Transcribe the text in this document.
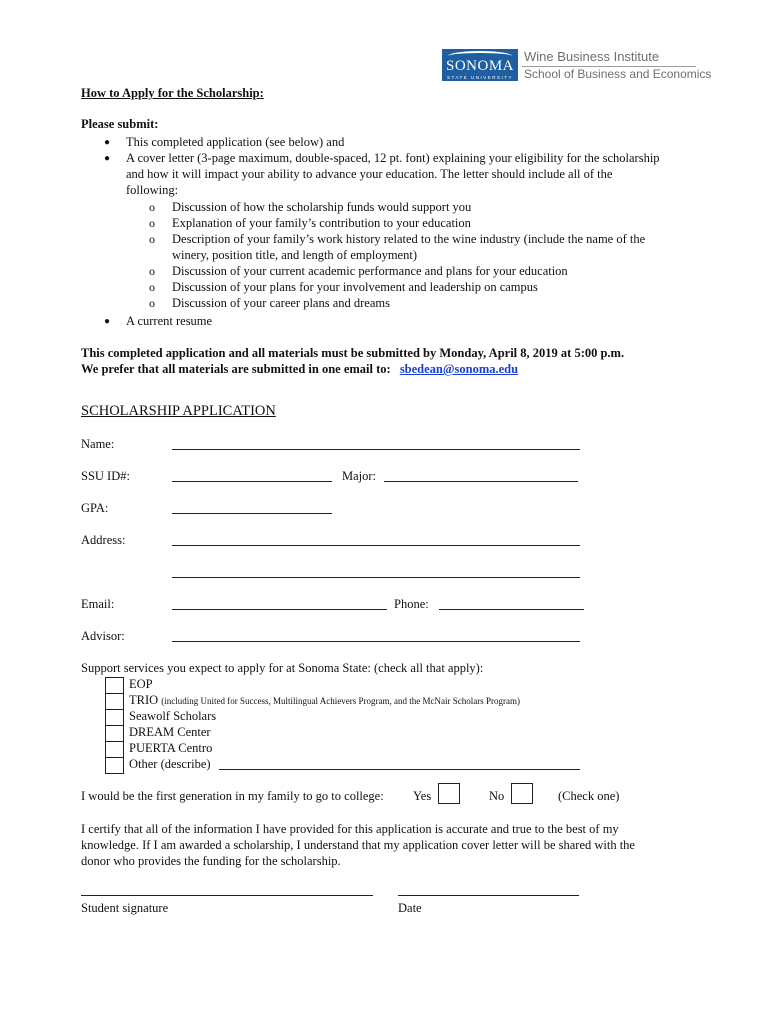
SONOMA
STATE UNIVERSITY
Wine Business Institute
School of Business and Economics
How to Apply for the Scholarship:
Please submit:
● This completed application (see below) and
● A cover letter (3-page maximum, double-spaced, 12 pt. font) explaining your eligibility for the scholarship
and how it will impact your ability to advance your education. The letter should include all of the
following:
o Discussion of how the scholarship funds would support you
o Explanation of your family’s contribution to your education
o Description of your family’s work history related to the wine industry (include the name of the
winery, position title, and length of employment)
o Discussion of your current academic performance and plans for your education
o Discussion of your plans for your involvement and leadership on campus
o Discussion of your career plans and dreams
● A current resume
This completed application and all materials must be submitted by Monday, April 8, 2019 at 5:00 p.m.
We prefer that all materials are submitted in one email to: sbedean@sonoma.edu
SCHOLARSHIP APPLICATION
Name:
SSU ID#:	Major:
GPA:
Address:
Email:	Phone:
Advisor:
Support services you expect to apply for at Sonoma State: (check all that apply):
EOP
TRIO (including United for Success, Multilingual Achievers Program, and the McNair Scholars Program)
Seawolf Scholars
DREAM Center
PUERTA Centro
Other (describe)
I would be the first generation in my family to go to college: Yes	No	(Check one)
I certify that all of the information I have provided for this application is accurate and true to the best of my
knowledge. If I am awarded a scholarship, I understand that my application cover letter will be shared with the
donor who provides the funding for the scholarship.
Student signature	Date
